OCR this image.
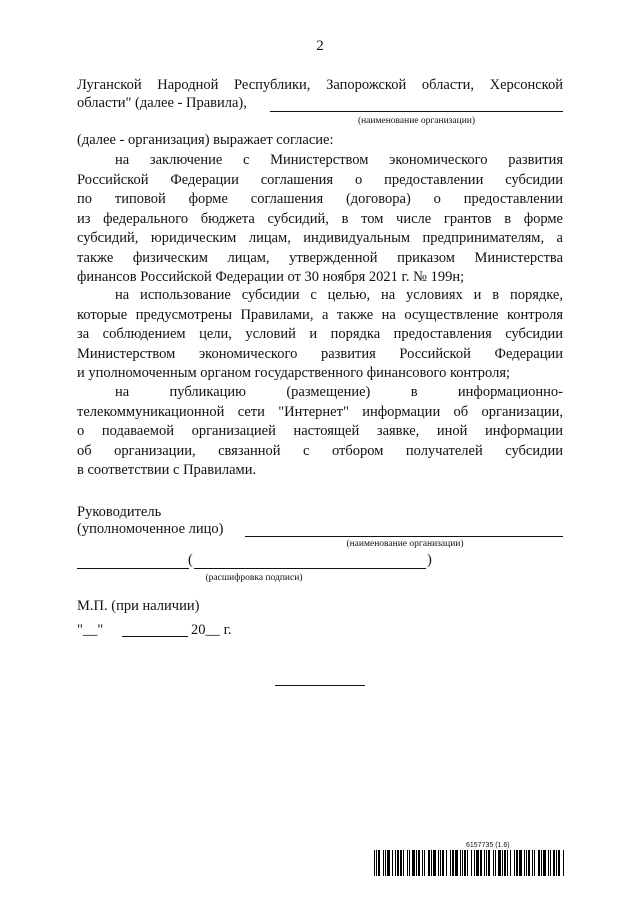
2
Луганской Народной Республики, Запорожской области, Херсонской
области" (далее - Правила),
(наименование организации)
(далее - организация) выражает согласие:
на заключение с Министерством экономического развития
Российской Федерации соглашения о предоставлении субсидии
по типовой форме соглашения (договора) о предоставлении
из федерального бюджета субсидий, в том числе грантов в форме
субсидий, юридическим лицам, индивидуальным предпринимателям, а
также физическим лицам, утвержденной приказом Министерства
финансов Российской Федерации от 30 ноября 2021 г. № 199н;
на использование субсидии с целью, на условиях и в порядке,
которые предусмотрены Правилами, а также на осуществление контроля
за соблюдением цели, условий и порядка предоставления субсидии
Министерством экономического развития Российской Федерации
и уполномоченным органом государственного финансового контроля;
на публикацию (размещение) в информационно-
телекоммуникационной сети "Интернет" информации об организации,
о подаваемой организацией настоящей заявке, иной информации
об организации, связанной с отбором получателей субсидии
в соответствии с Правилами.
Руководитель
(уполномоченное лицо)
(наименование организации)
(	)
(расшифровка подписи)
М.П. (при наличии)
"__"	20__ г.
6157735 (1.6)
